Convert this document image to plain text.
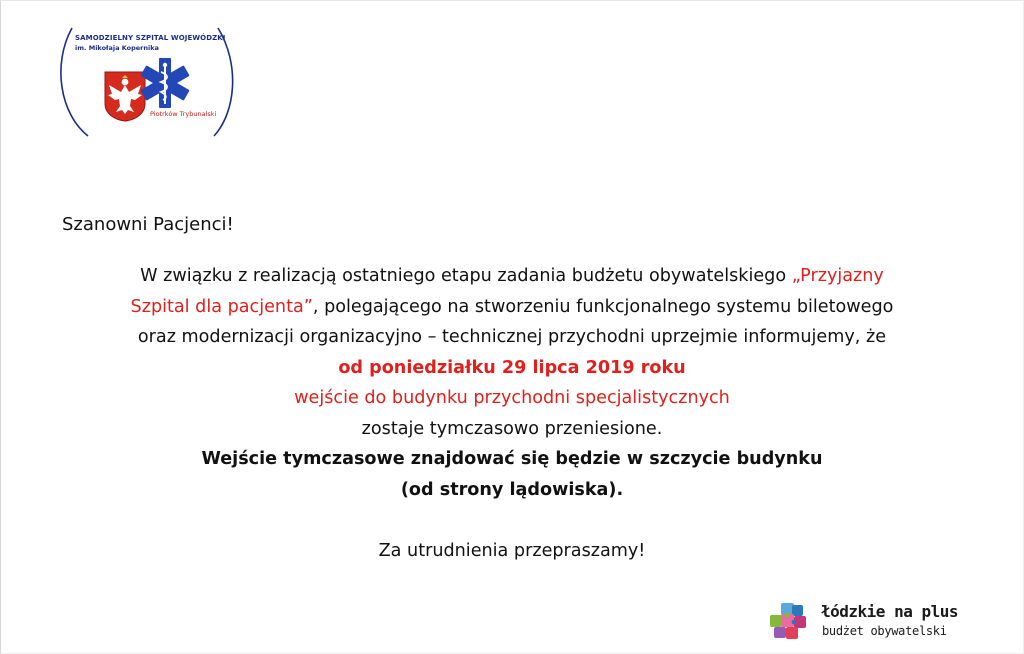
SAMODZIELNY SZPITAL WOJEWÓDZKI
im. Mikołaja Kopernika
Piotrków Trybunalski

Szanowni Pacjenci!

W związku z realizacją ostatniego etapu zadania budżetu obywatelskiego „Przyjazny
Szpital dla pacjenta”, polegającego na stworzeniu funkcjonalnego systemu biletowego
oraz modernizacji organizacyjno – technicznej przychodni uprzejmie informujemy, że
od poniedziałku 29 lipca 2019 roku
wejście do budynku przychodni specjalistycznych
zostaje tymczasowo przeniesione.
Wejście tymczasowe znajdować się będzie w szczycie budynku
(od strony lądowiska).
Za utrudnienia przepraszamy!

łódzkie na plus
budżet obywatelski
